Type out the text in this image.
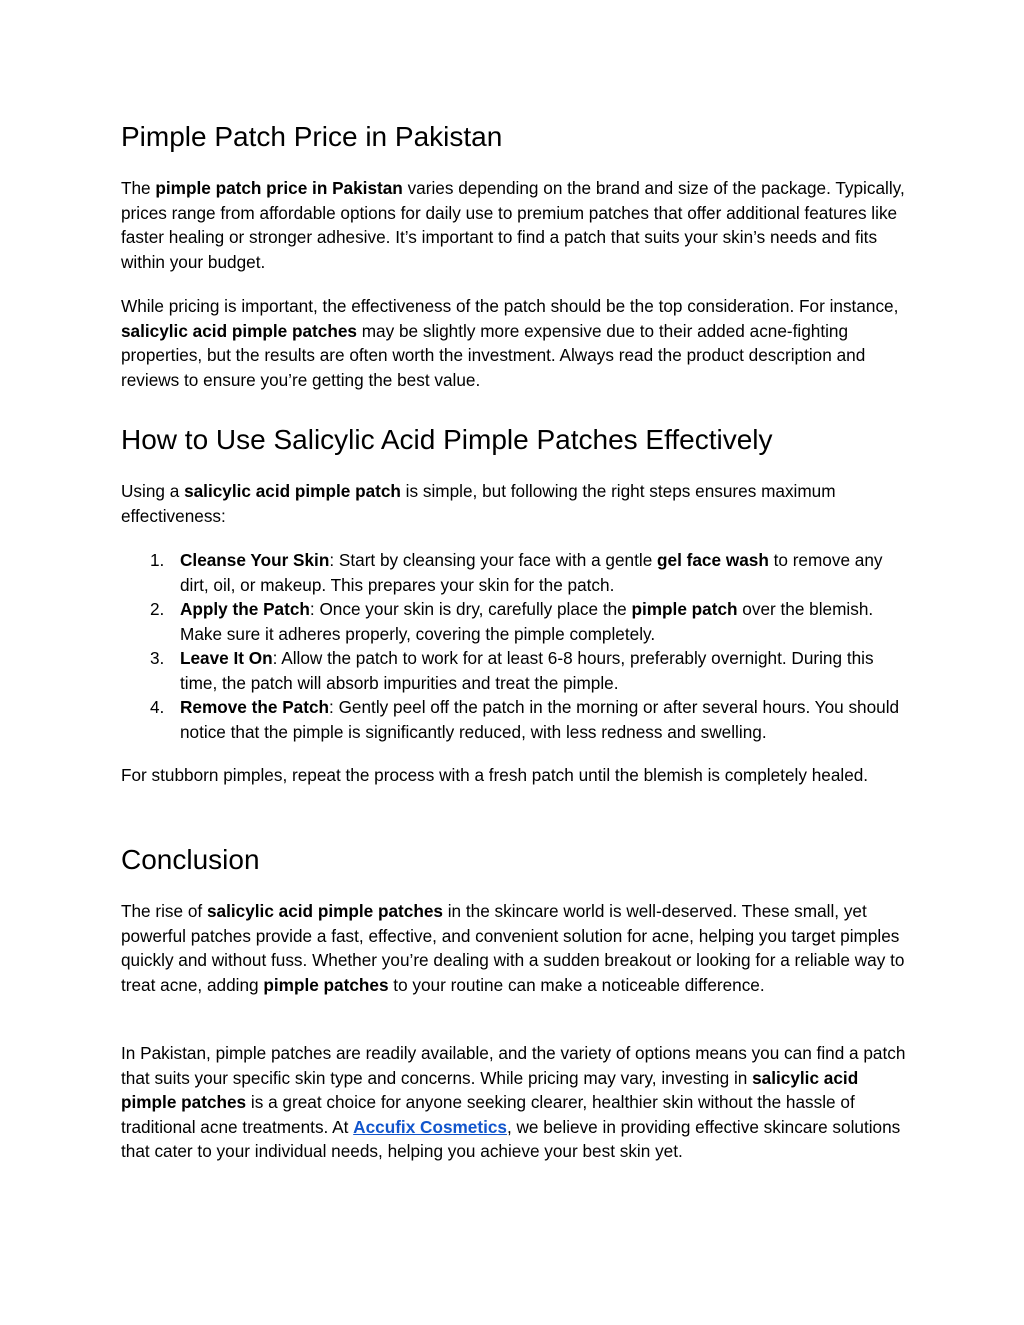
Pimple Patch Price in Pakistan

The pimple patch price in Pakistan varies depending on the brand and size of the package. Typically, prices range from affordable options for daily use to premium patches that offer additional features like faster healing or stronger adhesive. It’s important to find a patch that suits your skin’s needs and fits within your budget.

While pricing is important, the effectiveness of the patch should be the top consideration. For instance, salicylic acid pimple patches may be slightly more expensive due to their added acne-fighting properties, but the results are often worth the investment. Always read the product description and reviews to ensure you’re getting the best value.

How to Use Salicylic Acid Pimple Patches Effectively

Using a salicylic acid pimple patch is simple, but following the right steps ensures maximum effectiveness:

1. Cleanse Your Skin: Start by cleansing your face with a gentle gel face wash to remove any dirt, oil, or makeup. This prepares your skin for the patch.
2. Apply the Patch: Once your skin is dry, carefully place the pimple patch over the blemish. Make sure it adheres properly, covering the pimple completely.
3. Leave It On: Allow the patch to work for at least 6-8 hours, preferably overnight. During this time, the patch will absorb impurities and treat the pimple.
4. Remove the Patch: Gently peel off the patch in the morning or after several hours. You should notice that the pimple is significantly reduced, with less redness and swelling.

For stubborn pimples, repeat the process with a fresh patch until the blemish is completely healed.

Conclusion

The rise of salicylic acid pimple patches in the skincare world is well-deserved. These small, yet powerful patches provide a fast, effective, and convenient solution for acne, helping you target pimples quickly and without fuss. Whether you’re dealing with a sudden breakout or looking for a reliable way to treat acne, adding pimple patches to your routine can make a noticeable difference.

In Pakistan, pimple patches are readily available, and the variety of options means you can find a patch that suits your specific skin type and concerns. While pricing may vary, investing in salicylic acid pimple patches is a great choice for anyone seeking clearer, healthier skin without the hassle of traditional acne treatments. At Accufix Cosmetics, we believe in providing effective skincare solutions that cater to your individual needs, helping you achieve your best skin yet.
